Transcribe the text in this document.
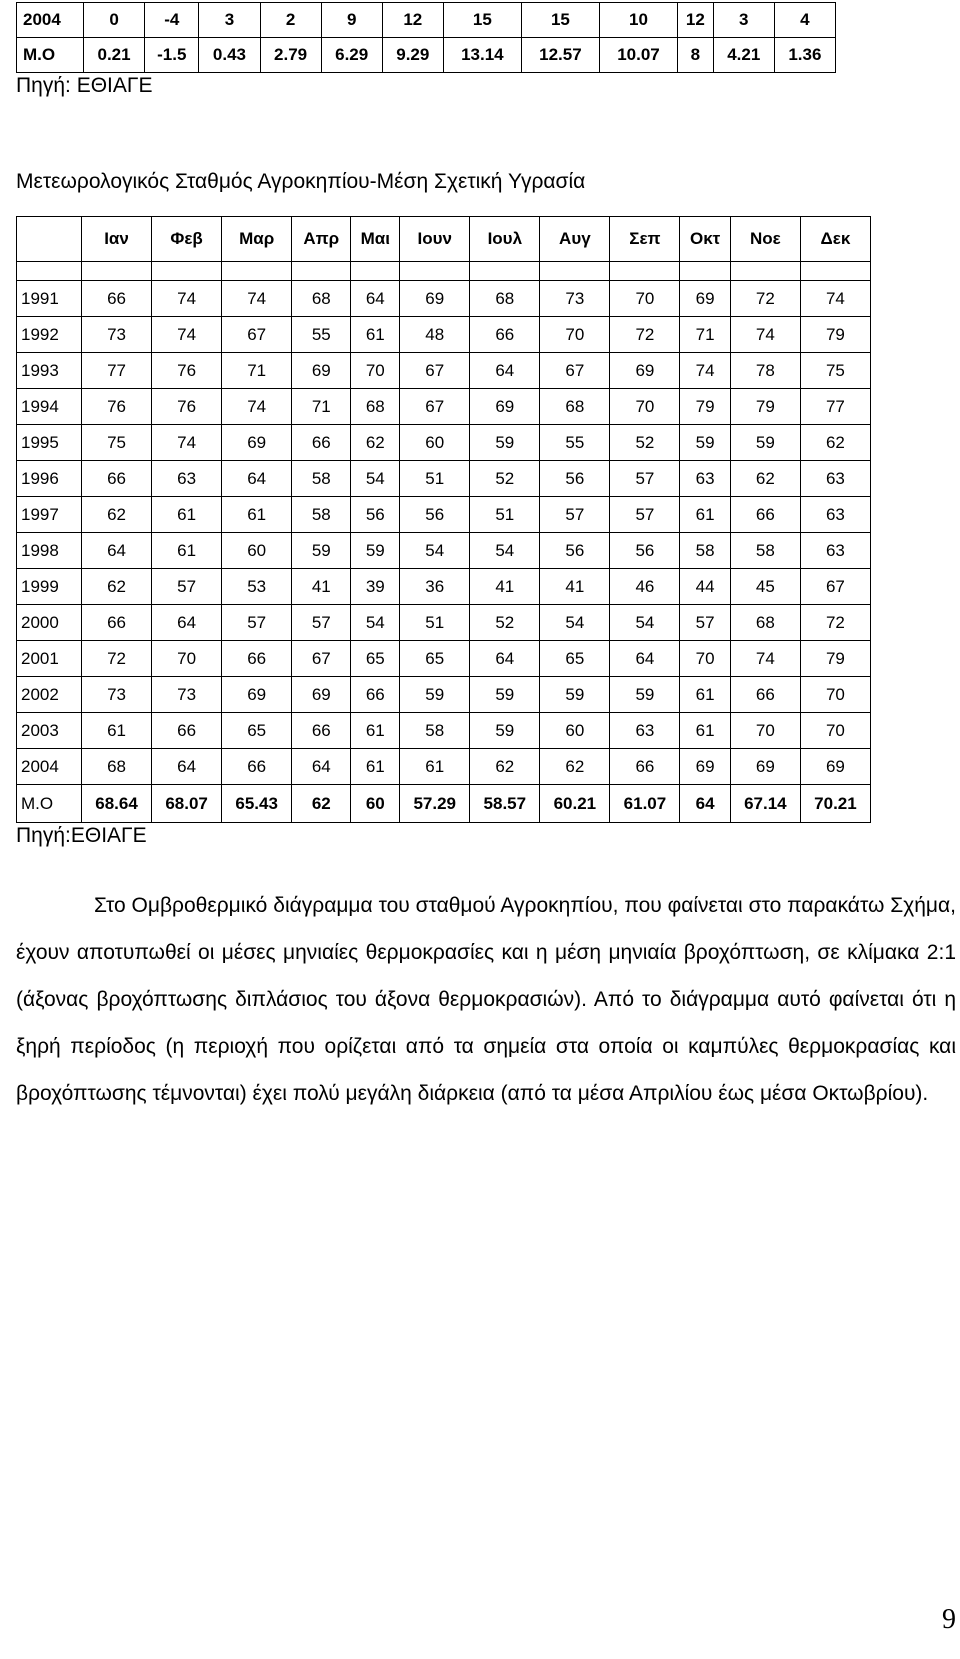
2004	0	-4	3	2	9	12	15	15	10	12	3	4
M.O	0.21	-1.5	0.43	2.79	6.29	9.29	13.14	12.57	10.07	8	4.21	1.36
Πηγή: ΕΘΙΑΓΕ
Μετεωρολογικός Σταθμός Αγροκηπίου-Μέση Σχετική Υγρασία
	Ιαν	Φεβ	Μαρ	Απρ	Μαι	Ιουν	Ιουλ	Αυγ	Σεπ	Οκτ	Νοε	Δεκ

1991	66	74	74	68	64	69	68	73	70	69	72	74
1992	73	74	67	55	61	48	66	70	72	71	74	79
1993	77	76	71	69	70	67	64	67	69	74	78	75
1994	76	76	74	71	68	67	69	68	70	79	79	77
1995	75	74	69	66	62	60	59	55	52	59	59	62
1996	66	63	64	58	54	51	52	56	57	63	62	63
1997	62	61	61	58	56	56	51	57	57	61	66	63
1998	64	61	60	59	59	54	54	56	56	58	58	63
1999	62	57	53	41	39	36	41	41	46	44	45	67
2000	66	64	57	57	54	51	52	54	54	57	68	72
2001	72	70	66	67	65	65	64	65	64	70	74	79
2002	73	73	69	69	66	59	59	59	59	61	66	70
2003	61	66	65	66	61	58	59	60	63	61	70	70
2004	68	64	66	64	61	61	62	62	66	69	69	69
M.O	68.64	68.07	65.43	62	60	57.29	58.57	60.21	61.07	64	67.14	70.21
Πηγή:ΕΘΙΑΓΕ
Στο Ομβροθερμικό διάγραμμα του σταθμού Αγροκηπίου, που φαίνεται στο παρακάτω Σχήμα, έχουν αποτυπωθεί οι μέσες μηνιαίες θερμοκρασίες και η μέση μηνιαία βροχόπτωση, σε κλίμακα 2:1 (άξονας βροχόπτωσης διπλάσιος του άξονα θερμοκρασιών). Από το διάγραμμα αυτό φαίνεται ότι η ξηρή περίοδος (η περιοχή που ορίζεται από τα σημεία στα οποία οι καμπύλες θερμοκρασίας και βροχόπτωσης τέμνονται) έχει πολύ μεγάλη διάρκεια (από τα μέσα Απριλίου έως μέσα Οκτωβρίου).
9
